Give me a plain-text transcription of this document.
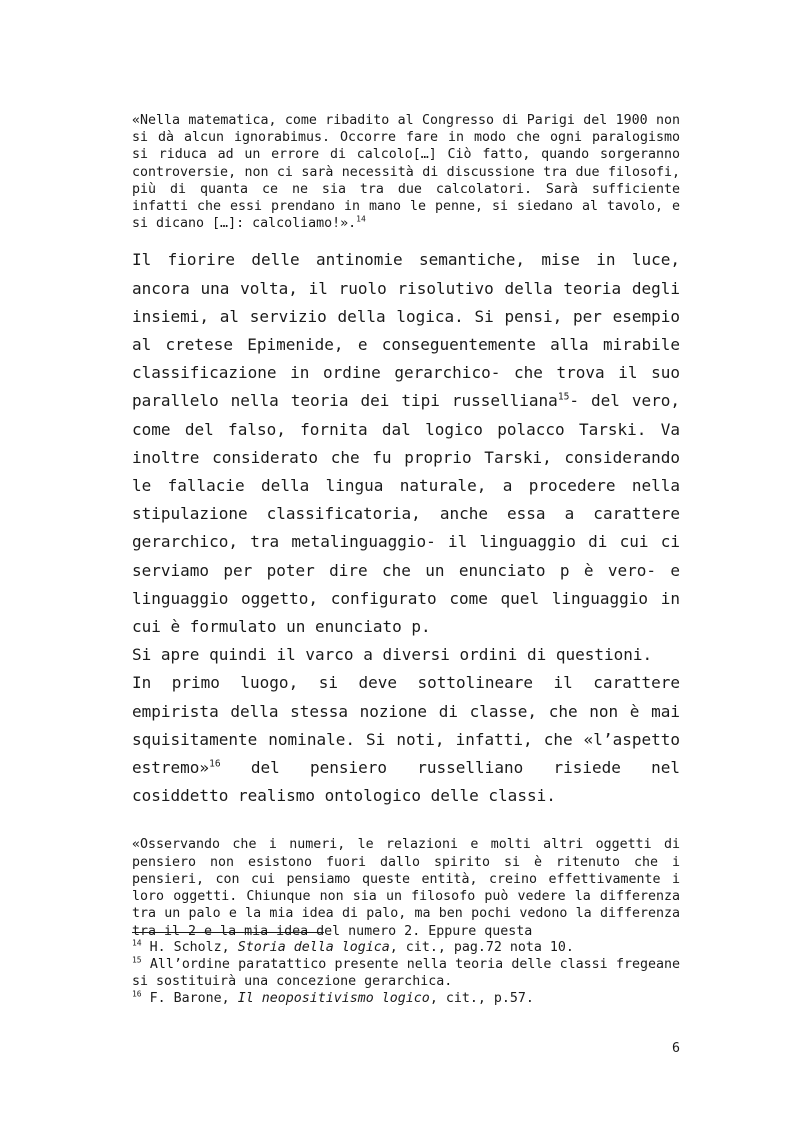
«Nella matematica, come ribadito al Congresso di Parigi del 1900 non si dà alcun ignorabimus. Occorre fare in modo che ogni paralogismo si riduca ad un errore di calcolo[…] Ciò fatto, quando sorgeranno controversie, non ci sarà necessità di discussione tra due filosofi, più di quanta ce ne sia tra due calcolatori. Sarà sufficiente infatti che essi prendano in mano le penne, si siedano al tavolo, e si dicano […]: calcoliamo!».$^{14}$

Il fiorire delle antinomie semantiche, mise in luce, ancora una volta, il ruolo risolutivo della teoria degli insiemi, al servizio della logica. Si pensi, per esempio al cretese Epimenide, e conseguentemente alla mirabile classificazione in ordine gerarchico- che trova il suo parallelo nella teoria dei tipi russelliana$^{15}$- del vero, come del falso, fornita dal logico polacco Tarski. Va inoltre considerato che fu proprio Tarski, considerando le fallacie della lingua naturale, a procedere nella stipulazione classificatoria, anche essa a carattere gerarchico, tra metalinguaggio- il linguaggio di cui ci serviamo per poter dire che un enunciato p è vero- e linguaggio oggetto, configurato come quel linguaggio in cui è formulato un enunciato p.

Si apre quindi il varco a diversi ordini di questioni.

In primo luogo, si deve sottolineare il carattere empirista della stessa nozione di classe, che non è mai squisitamente nominale. Si noti, infatti, che «l’aspetto estremo»$^{16}$ del pensiero russelliano risiede nel cosiddetto realismo ontologico delle classi.

«Osservando che i numeri, le relazioni e molti altri oggetti di pensiero non esistono fuori dallo spirito si è ritenuto che i pensieri, con cui pensiamo queste entità, creino effettivamente i loro oggetti. Chiunque non sia un filosofo può vedere la differenza tra un palo e la mia idea di palo, ma ben pochi vedono la differenza tra il 2 e la mia idea del numero 2. Eppure questa

$^{14}$ H. Scholz, Storia della logica, cit., pag.72 nota 10.

$^{15}$ All’ordine paratattico presente nella teoria delle classi fregeane si sostituirà una concezione gerarchica.

$^{16}$ F. Barone, Il neopositivismo logico, cit., p.57.

6
